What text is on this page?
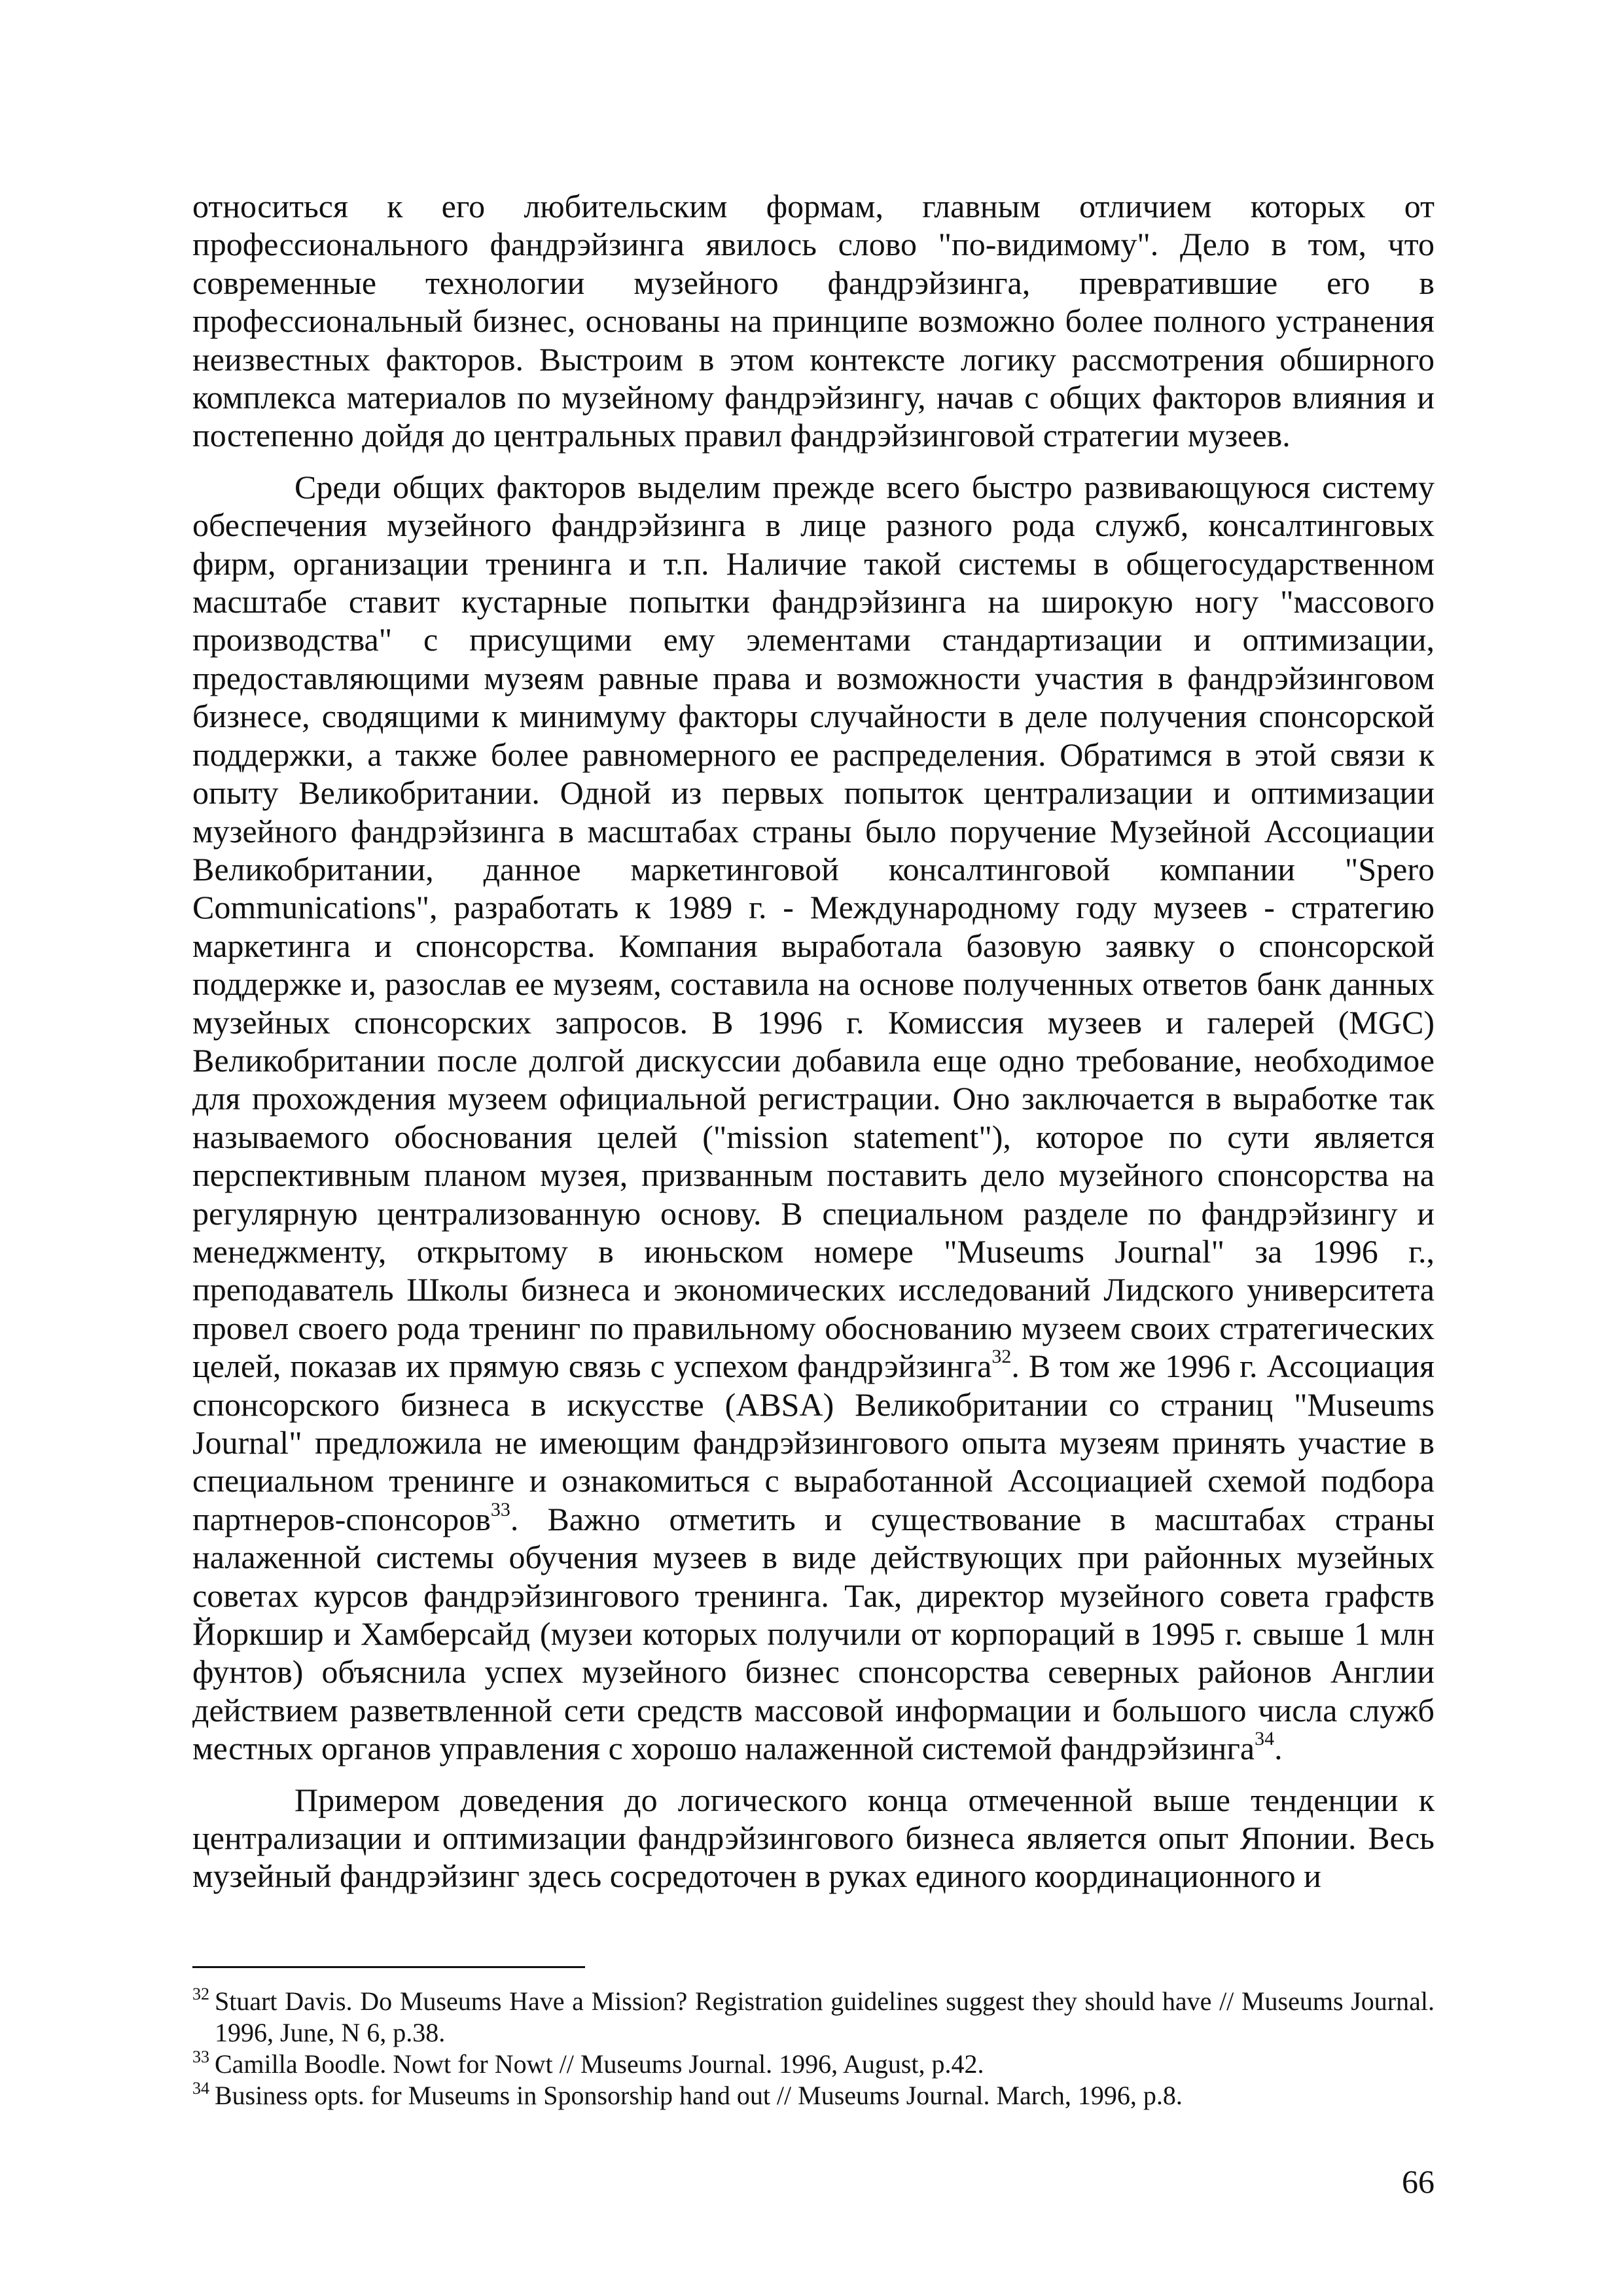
относиться к его любительским формам, главным отличием которых от профессионального фандрэйзинга явилось слово "по-видимому". Дело в том, что современные технологии музейного фандрэйзинга, превратившие его в профессиональный бизнес, основаны на принципе возможно более полного устранения неизвестных факторов. Выстроим в этом контексте логику рассмотрения обширного комплекса материалов по музейному фандрэйзингу, начав с общих факторов влияния и постепенно дойдя до центральных правил фандрэйзинговой стратегии музеев.

Среди общих факторов выделим прежде всего быстро развивающуюся систему обеспечения музейного фандрэйзинга в лице разного рода служб, консалтинговых фирм, организации тренинга и т.п. Наличие такой системы в общегосударственном масштабе ставит кустарные попытки фандрэйзинга на широкую ногу "массового производства" с присущими ему элементами стандартизации и оптимизации, предоставляющими музеям равные права и возможности участия в фандрэйзинговом бизнесе, сводящими к минимуму факторы случайности в деле получения спонсорской поддержки, а также более равномерного ее распределения. Обратимся в этой связи к опыту Великобритании. Одной из первых попыток централизации и оптимизации музейного фандрэйзинга в масштабах страны было поручение Музейной Ассоциации Великобритании, данное маркетинговой консалтинговой компании "Spero Communications", разработать к 1989 г. - Международному году музеев - стратегию маркетинга и спонсорства. Компания выработала базовую заявку о спонсорской поддержке и, разослав ее музеям, составила на основе полученных ответов банк данных музейных спонсорских запросов. В 1996 г. Комиссия музеев и галерей (MGC) Великобритании после долгой дискуссии добавила еще одно требование, необходимое для прохождения музеем официальной регистрации. Оно заключается в выработке так называемого обоснования целей ("mission statement"), которое по сути является перспективным планом музея, призванным поставить дело музейного спонсорства на регулярную централизованную основу. В специальном разделе по фандрэйзингу и менеджменту, открытому в июньском номере "Museums Journal" за 1996 г., преподаватель Школы бизнеса и экономических исследований Лидского университета провел своего рода тренинг по правильному обоснованию музеем своих стратегических целей, показав их прямую связь с успехом фандрэйзинга$^{32}$. В том же 1996 г. Ассоциация спонсорского бизнеса в искусстве (ABSA) Великобритании со страниц "Museums Journal" предложила не имеющим фандрэйзингового опыта музеям принять участие в специальном тренинге и ознакомиться с выработанной Ассоциацией схемой подбора партнеров-спонсоров$^{33}$. Важно отметить и существование в масштабах страны налаженной системы обучения музеев в виде действующих при районных музейных советах курсов фандрэйзингового тренинга. Так, директор музейного совета графств Йоркшир и Хамберсайд (музеи которых получили от корпораций в 1995 г. свыше 1 млн фунтов) объяснила успех музейного бизнес спонсорства северных районов Англии действием разветвленной сети средств массовой информации и большого числа служб местных органов управления с хорошо налаженной системой фандрэйзинга$^{34}$.

Примером доведения до логического конца отмеченной выше тенденции к централизации и оптимизации фандрэйзингового бизнеса является опыт Японии. Весь музейный фандрэйзинг здесь сосредоточен в руках единого координационного и

$^{32}$ Stuart Davis. Do Museums Have a Mission? Registration guidelines suggest they should have // Museums Journal. 1996, June, N 6, p.38.

$^{33}$ Camilla Boodle. Nowt for Nowt // Museums Journal. 1996, August, p.42.

$^{34}$ Business opts. for Museums in Sponsorship hand out // Museums Journal. March, 1996, p.8.

66
